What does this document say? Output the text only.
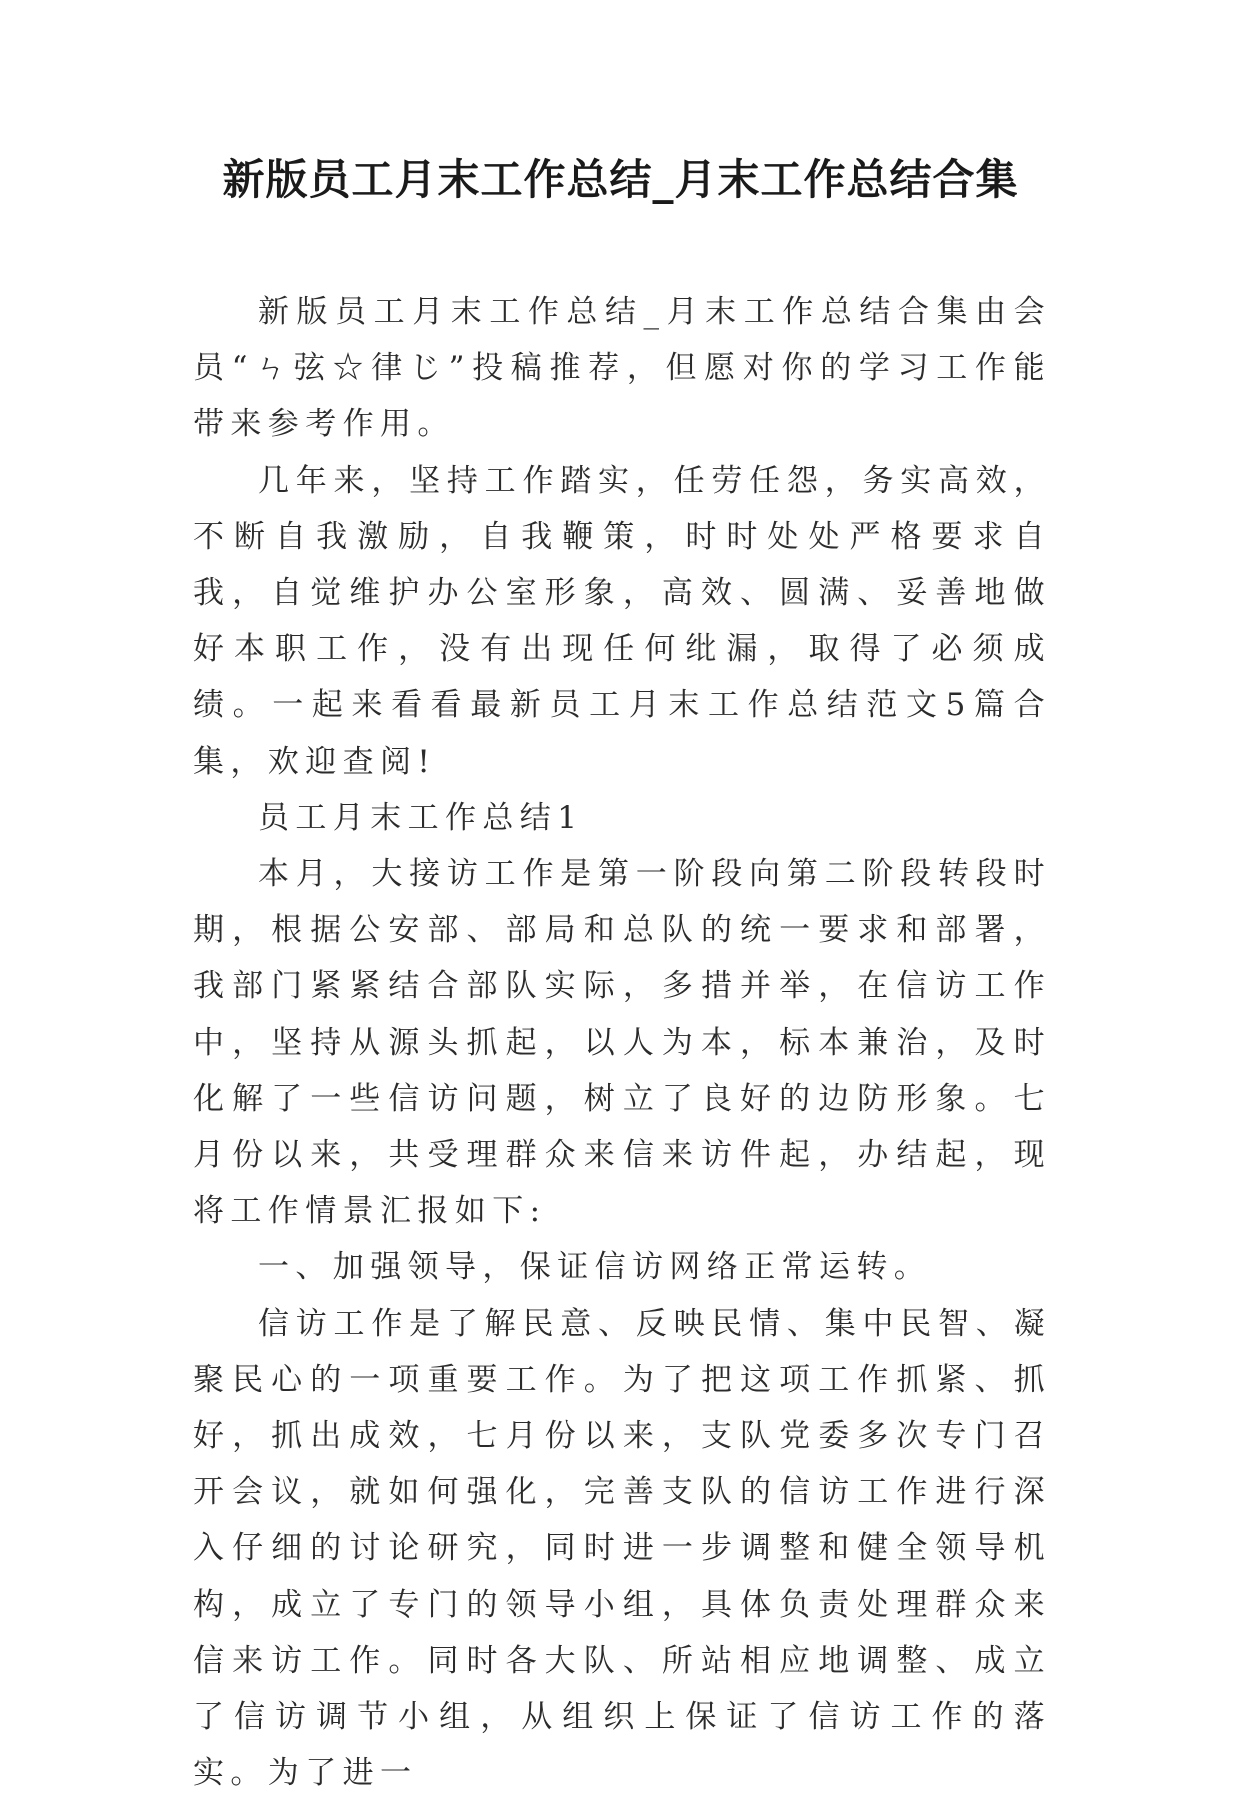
新版员工月末工作总结_月末工作总结合集

新版员工月末工作总结_月末工作总结合集由会员“ㄣ弦☆律じ”投稿推荐，但愿对你的学习工作能带来参考作用。

几年来，坚持工作踏实，任劳任怨，务实高效，不断自我激励，自我鞭策，时时处处严格要求自我，自觉维护办公室形象，高效、圆满、妥善地做好本职工作，没有出现任何纰漏，取得了必须成绩。一起来看看最新员工月末工作总结范文5篇合集，欢迎查阅!

员工月末工作总结1

本月，大接访工作是第一阶段向第二阶段转段时期，根据公安部、部局和总队的统一要求和部署，我部门紧紧结合部队实际，多措并举，在信访工作中，坚持从源头抓起，以人为本，标本兼治，及时化解了一些信访问题，树立了良好的边防形象。七月份以来，共受理群众来信来访件起，办结起，现将工作情景汇报如下:

一、加强领导，保证信访网络正常运转。

信访工作是了解民意、反映民情、集中民智、凝聚民心的一项重要工作。为了把这项工作抓紧、抓好，抓出成效，七月份以来，支队党委多次专门召开会议，就如何强化，完善支队的信访工作进行深入仔细的讨论研究，同时进一步调整和健全领导机构，成立了专门的领导小组，具体负责处理群众来信来访工作。同时各大队、所站相应地调整、成立了信访调节小组，从组织上保证了信访工作的落实。为了进一
